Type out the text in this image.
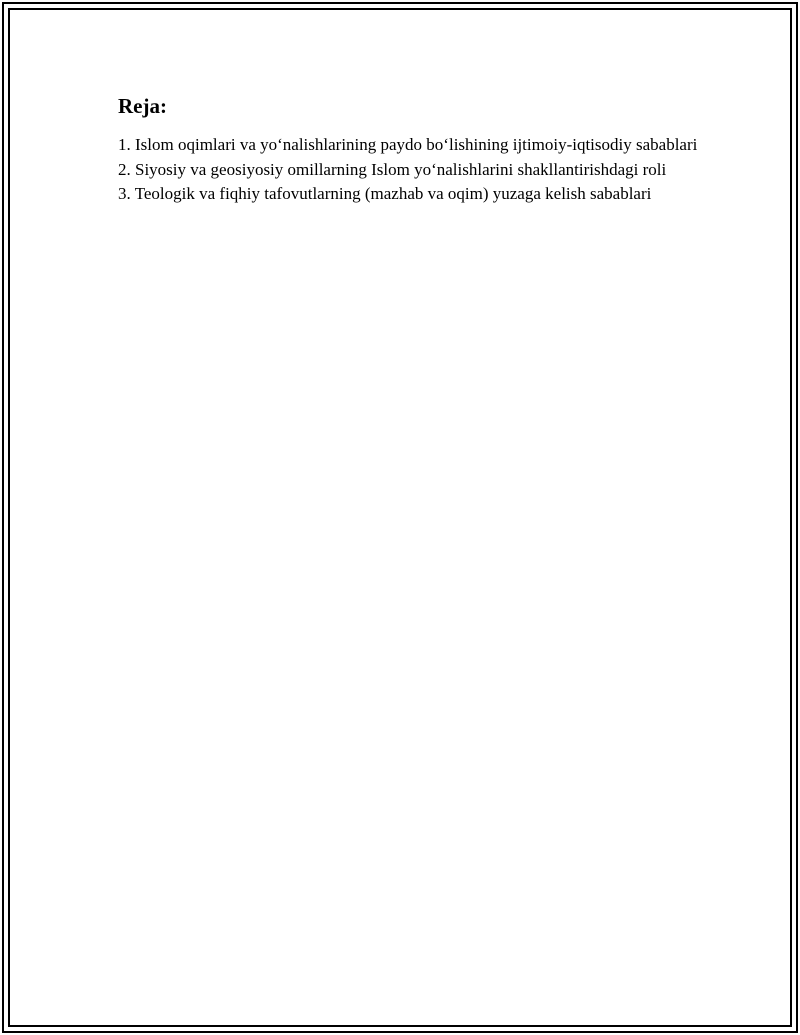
Reja:
1. Islom oqimlari va yo‘nalishlarining paydo bo‘lishining ijtimoiy-iqtisodiy sabablari
2. Siyosiy va geosiyosiy omillarning Islom yo‘nalishlarini shakllantirishdagi roli
3. Teologik va fiqhiy tafovutlarning (mazhab va oqim) yuzaga kelish sabablari
